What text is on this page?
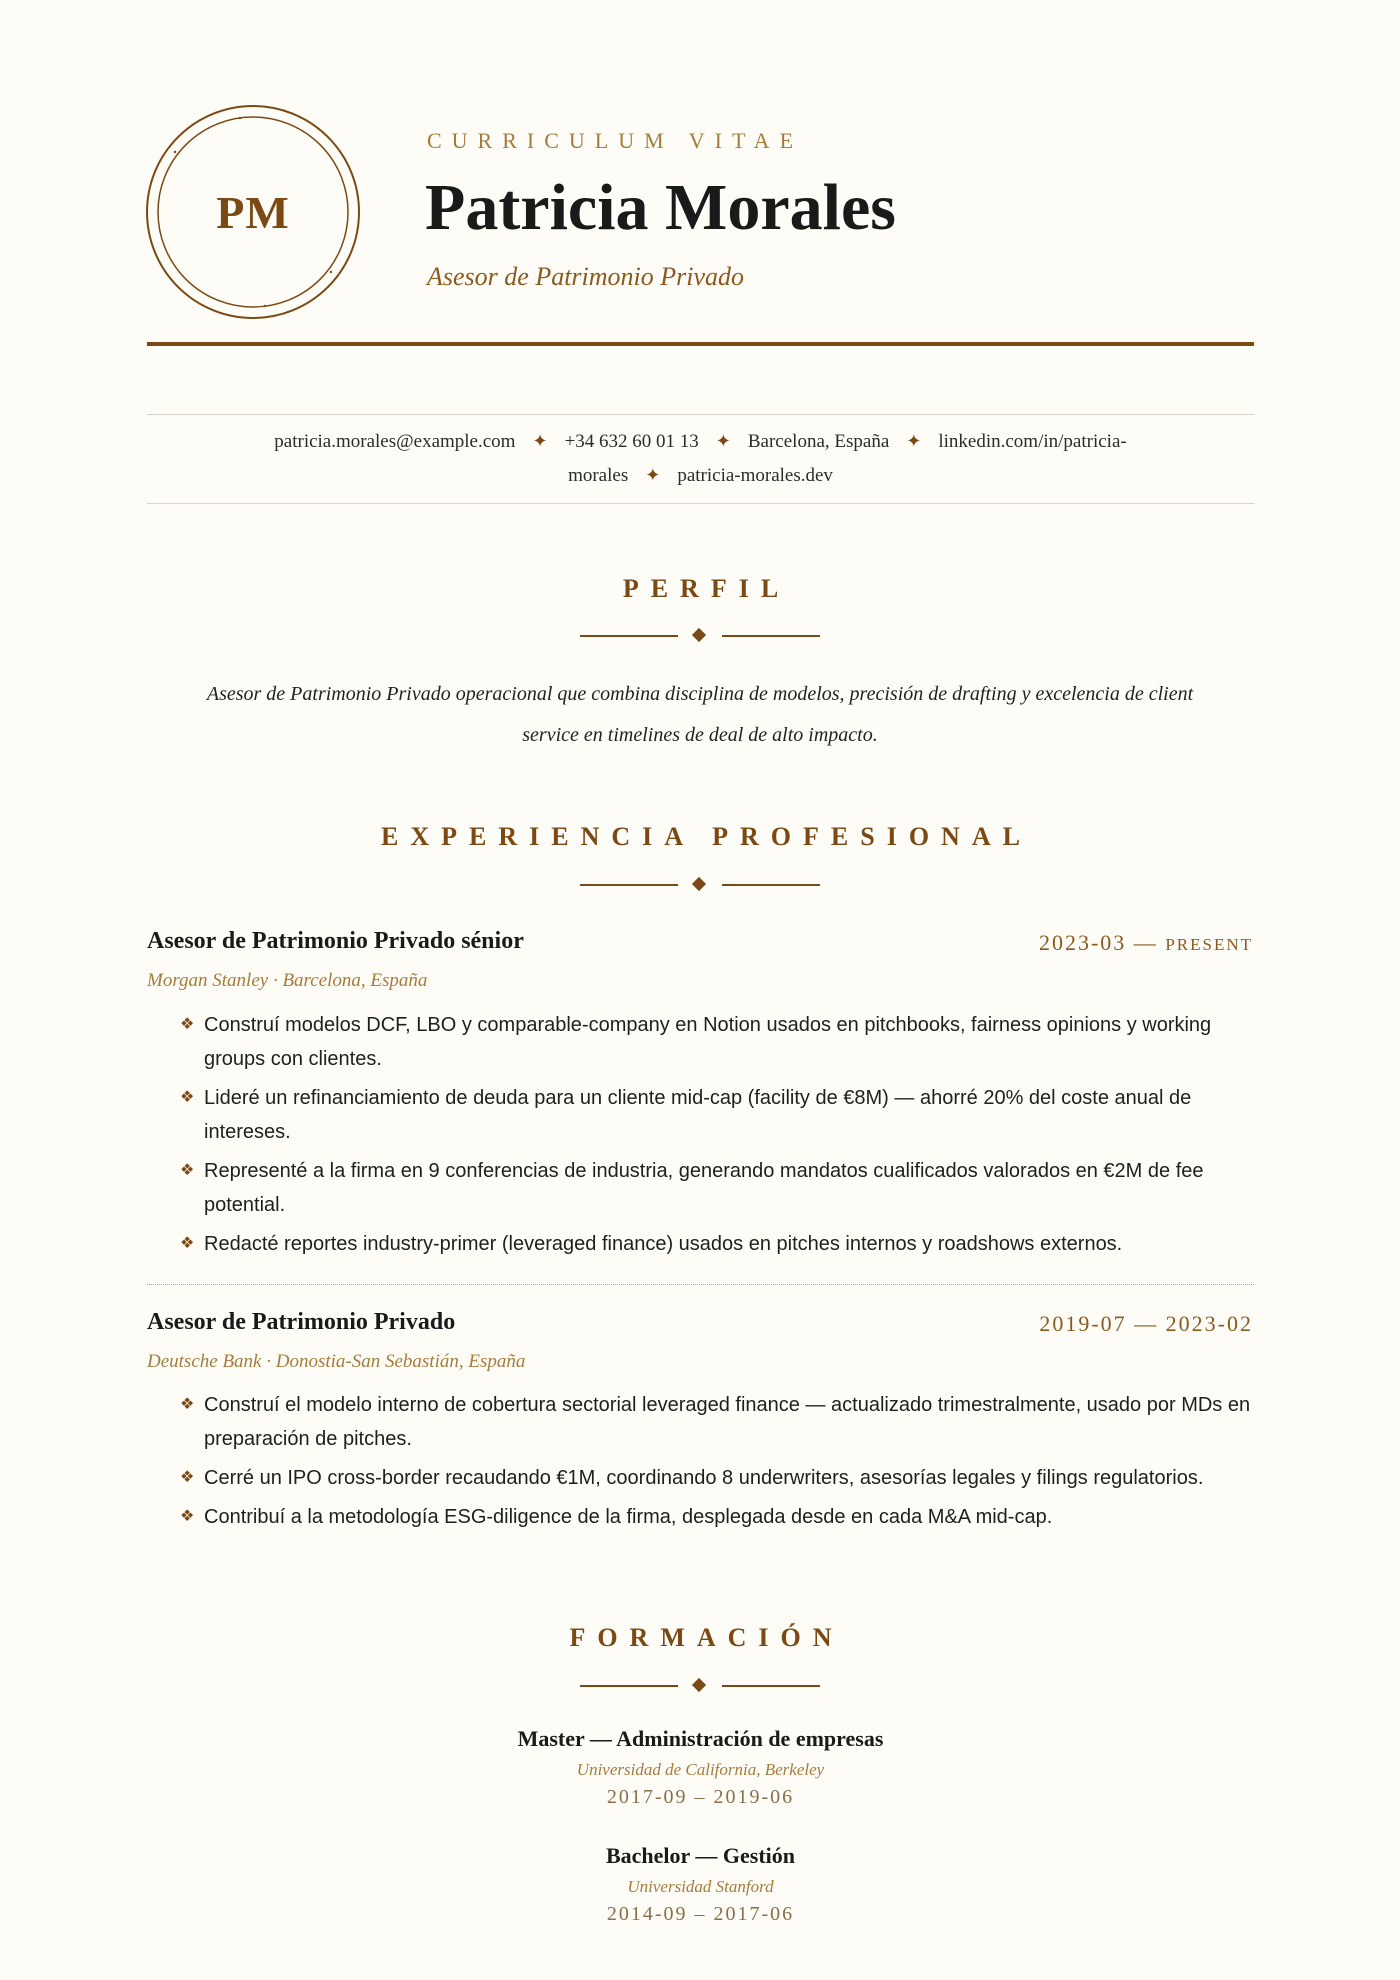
PM
CURRICULUM VITAE
Patricia Morales
Asesor de Patrimonio Privado
patricia.morales@example.com ✦ +34 632 60 01 13 ✦ Barcelona, España ✦ linkedin.com/in/patricia-
morales ✦ patricia-morales.dev
PERFIL
Asesor de Patrimonio Privado operacional que combina disciplina de modelos, precisión de drafting y excelencia de client service en timelines de deal de alto impacto.
EXPERIENCIA PROFESIONAL
Asesor de Patrimonio Privado sénior	2023-03 — PRESENT
Morgan Stanley · Barcelona, España
❖ Construí modelos DCF, LBO y comparable-company en Notion usados en pitchbooks, fairness opinions y working groups con clientes.
❖ Lideré un refinanciamiento de deuda para un cliente mid-cap (facility de €8M) — ahorré 20% del coste anual de intereses.
❖ Representé a la firma en 9 conferencias de industria, generando mandatos cualificados valorados en €2M de fee potential.
❖ Redacté reportes industry-primer (leveraged finance) usados en pitches internos y roadshows externos.
Asesor de Patrimonio Privado	2019-07 — 2023-02
Deutsche Bank · Donostia-San Sebastián, España
❖ Construí el modelo interno de cobertura sectorial leveraged finance — actualizado trimestralmente, usado por MDs en preparación de pitches.
❖ Cerré un IPO cross-border recaudando €1M, coordinando 8 underwriters, asesorías legales y filings regulatorios.
❖ Contribuí a la metodología ESG-diligence de la firma, desplegada desde en cada M&A mid-cap.
FORMACIÓN
Master — Administración de empresas
Universidad de California, Berkeley
2017-09 – 2019-06
Bachelor — Gestión
Universidad Stanford
2014-09 – 2017-06
